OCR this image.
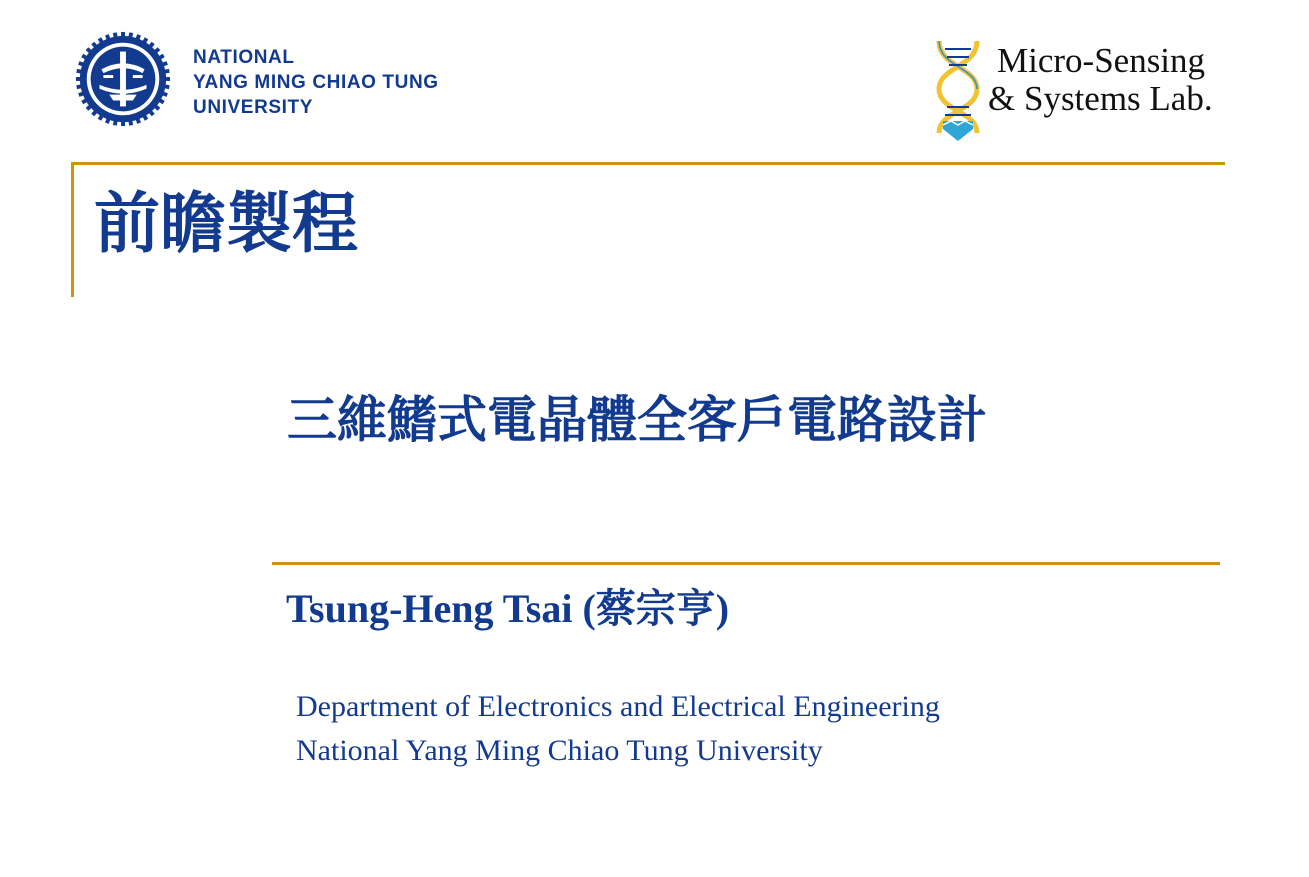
NATIONAL
YANG MING CHIAO TUNG
UNIVERSITY
Micro-Sensing
& Systems Lab.
前瞻製程
三維鰭式電晶體全客戶電路設計
Tsung-Heng Tsai (蔡宗亨)
Department of Electronics and Electrical Engineering
National Yang Ming Chiao Tung University
